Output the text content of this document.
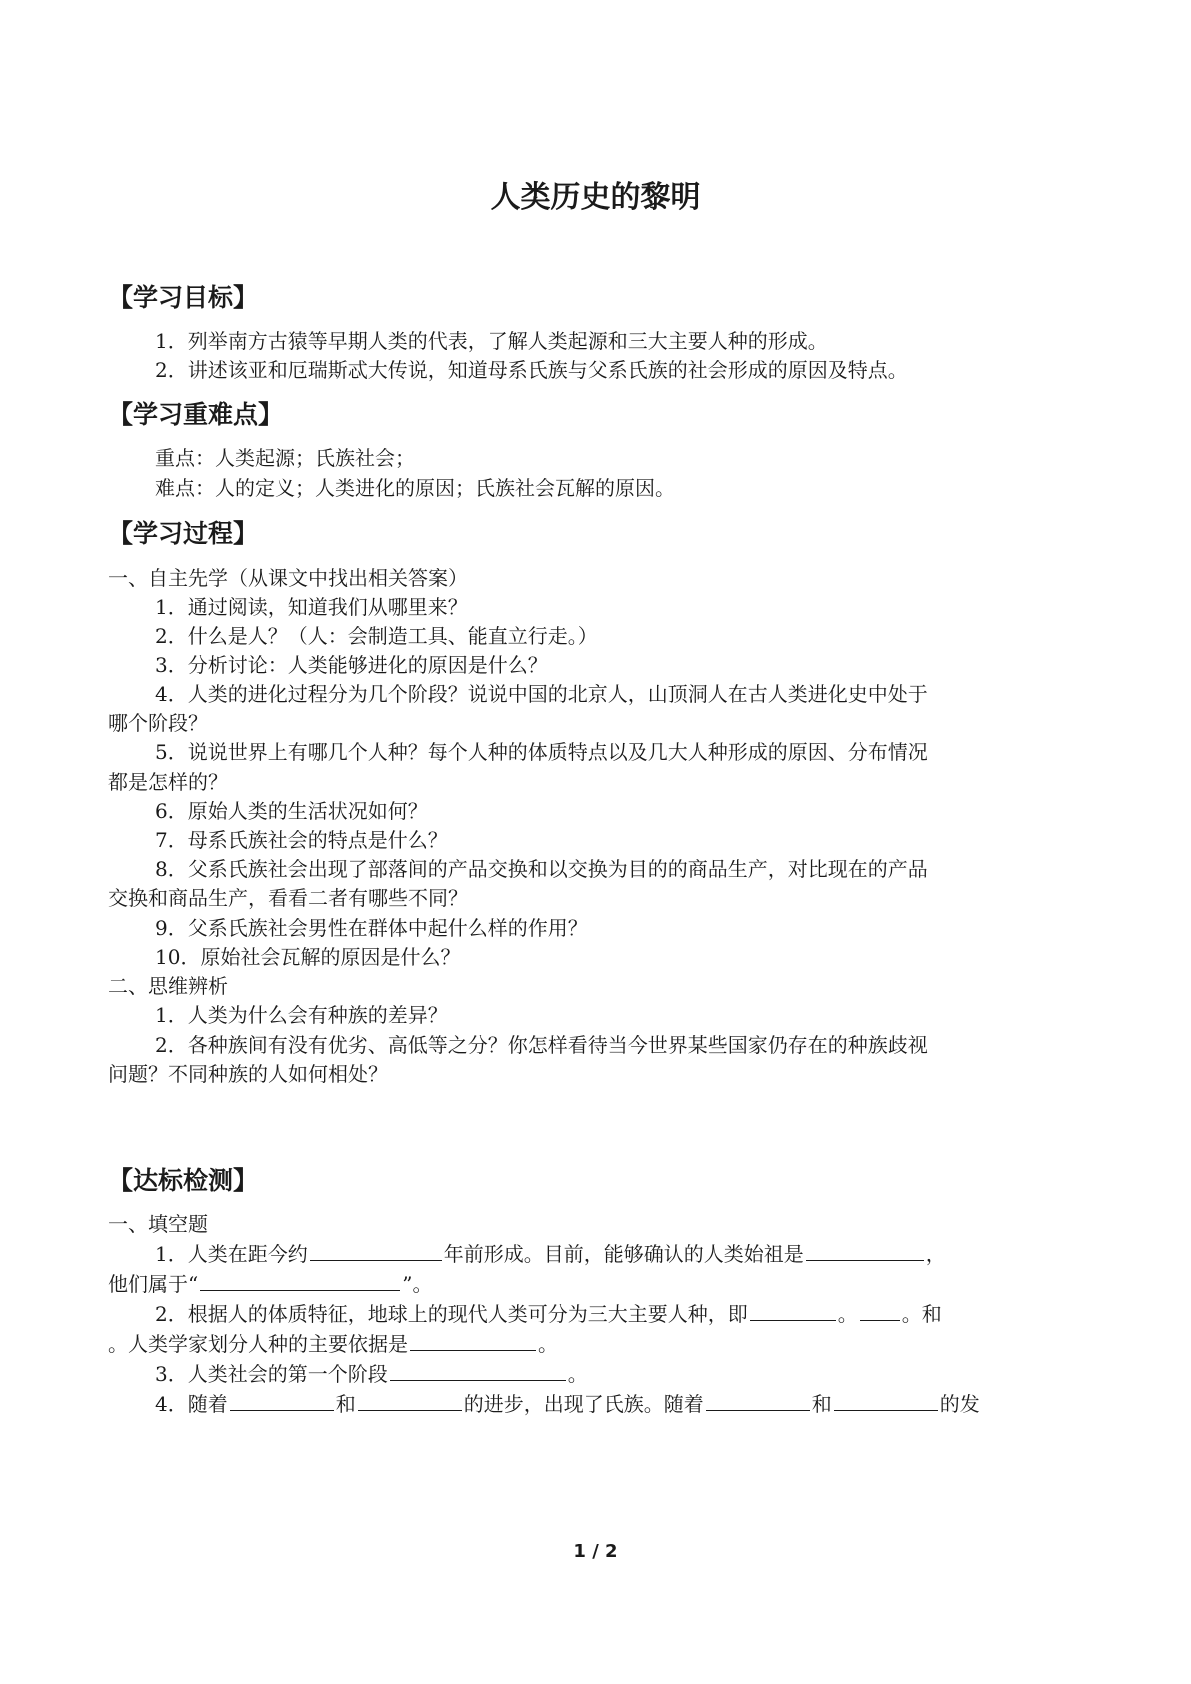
人类历史的黎明
【学习目标】
1．列举南方古猿等早期人类的代表，了解人类起源和三大主要人种的形成。
2．讲述该亚和厄瑞斯忒大传说，知道母系氏族与父系氏族的社会形成的原因及特点。
【学习重难点】
重点：人类起源；氏族社会；
难点：人的定义；人类进化的原因；氏族社会瓦解的原因。
【学习过程】
一、自主先学（从课文中找出相关答案）
1．通过阅读，知道我们从哪里来？
2．什么是人？（人：会制造工具、能直立行走。）
3．分析讨论：人类能够进化的原因是什么？
4．人类的进化过程分为几个阶段？说说中国的北京人，山顶洞人在古人类进化史中处于
哪个阶段？
5．说说世界上有哪几个人种？每个人种的体质特点以及几大人种形成的原因、分布情况
都是怎样的？
6．原始人类的生活状况如何？
7．母系氏族社会的特点是什么？
8．父系氏族社会出现了部落间的产品交换和以交换为目的的商品生产，对比现在的产品
交换和商品生产，看看二者有哪些不同？
9．父系氏族社会男性在群体中起什么样的作用？
10．原始社会瓦解的原因是什么？
二、思维辨析
1．人类为什么会有种族的差异？
2．各种族间有没有优劣、高低等之分？你怎样看待当今世界某些国家仍存在的种族歧视
问题？不同种族的人如何相处？
【达标检测】
一、填空题
1．人类在距今约	年前形成。目前，能够确认的人类始祖是	，
他们属于“	”。
2．根据人的体质特征，地球上的现代人类可分为三大主要人种，即	。 。和
。人类学家划分人种的主要依据是	。
3．人类社会的第一个阶段	。
4．随着	和	的进步，出现了氏族。随着	和	的发
1 / 2
